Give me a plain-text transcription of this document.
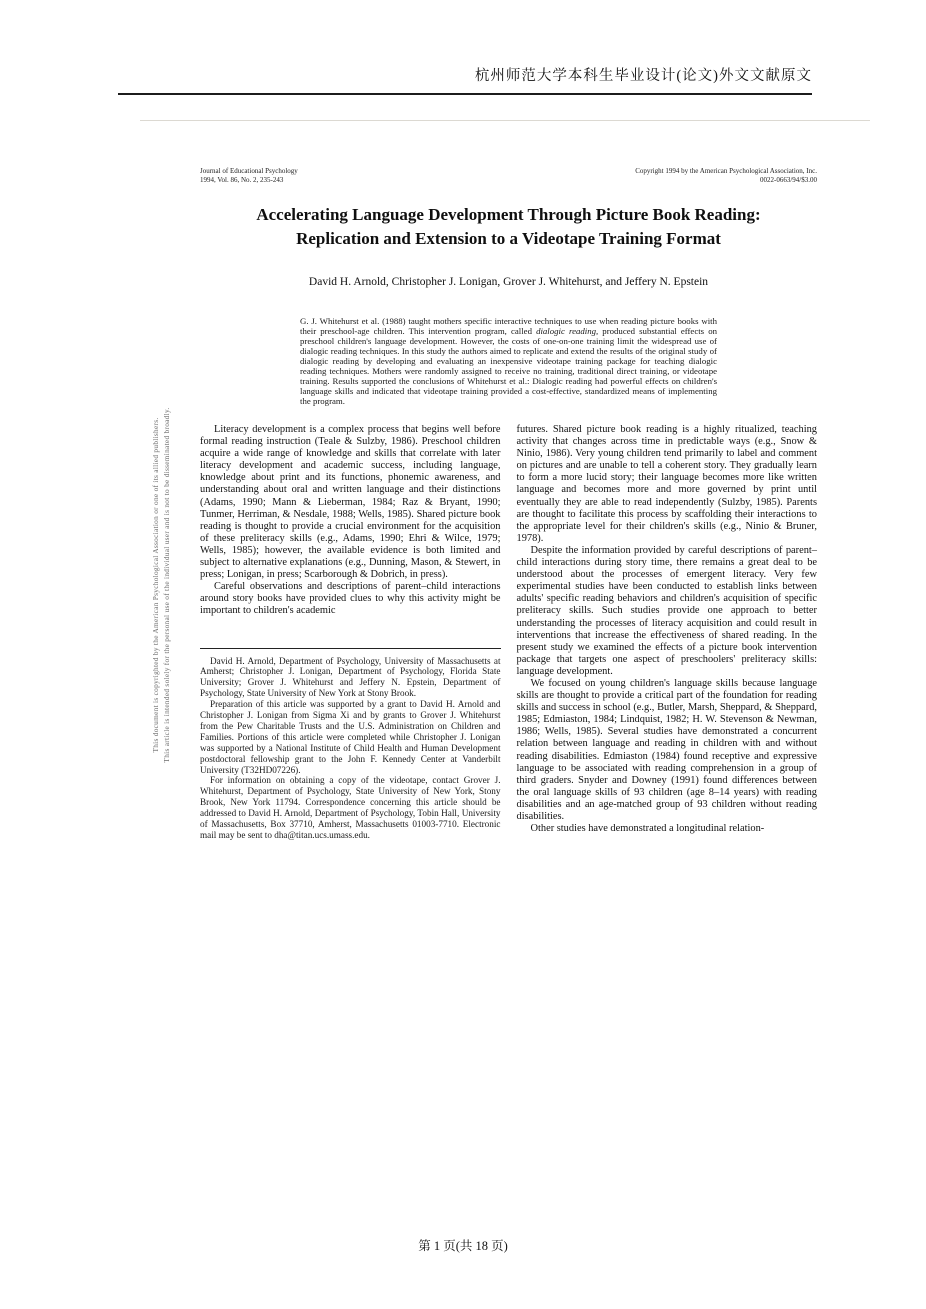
杭州师范大学本科生毕业设计(论文)外文文献原文
This document is copyrighted by the American Psychological Association or one of its allied publishers. This article is intended solely for the personal use of the individual user and is not to be disseminated broadly.
Journal of Educational Psychology
1994, Vol. 86, No. 2, 235-243
Copyright 1994 by the American Psychological Association, Inc.
0022-0663/94/$3.00
Accelerating Language Development Through Picture Book Reading:
Replication and Extension to a Videotape Training Format
David H. Arnold, Christopher J. Lonigan, Grover J. Whitehurst, and Jeffery N. Epstein
G. J. Whitehurst et al. (1988) taught mothers specific interactive techniques to use when reading picture books with their preschool-age children. This intervention program, called dialogic reading, produced substantial effects on preschool children's language development. However, the costs of one-on-one training limit the widespread use of dialogic reading techniques. In this study the authors aimed to replicate and extend the results of the original study of dialogic reading by developing and evaluating an inexpensive videotape training package for teaching dialogic reading techniques. Mothers were randomly assigned to receive no training, traditional direct training, or videotape training. Results supported the conclusions of Whitehurst et al.: Dialogic reading had powerful effects on children's language skills and indicated that videotape training provided a cost-effective, standardized means of implementing the program.

Literacy development is a complex process that begins well before formal reading instruction (Teale & Sulzby, 1986). Preschool children acquire a wide range of knowledge and skills that correlate with later literacy development and academic success, including language, knowledge about print and its functions, phonemic awareness, and understanding about oral and written language and their distinctions (Adams, 1990; Mann & Lieberman, 1984; Raz & Bryant, 1990; Tunmer, Herriman, & Nesdale, 1988; Wells, 1985). Shared picture book reading is thought to provide a crucial environment for the acquisition of these preliteracy skills (e.g., Adams, 1990; Ehri & Wilce, 1979; Wells, 1985); however, the available evidence is both limited and subject to alternative explanations (e.g., Dunning, Mason, & Stewert, in press; Lonigan, in press; Scarborough & Dobrich, in press).

Careful observations and descriptions of parent–child interactions around story books have provided clues to why this activity might be important to children's academic

David H. Arnold, Department of Psychology, University of Massachusetts at Amherst; Christopher J. Lonigan, Department of Psychology, Florida State University; Grover J. Whitehurst and Jeffery N. Epstein, Department of Psychology, State University of New York at Stony Brook.

Preparation of this article was supported by a grant to David H. Arnold and Christopher J. Lonigan from Sigma Xi and by grants to Grover J. Whitehurst from the Pew Charitable Trusts and the U.S. Administration on Children and Families. Portions of this article were completed while Christopher J. Lonigan was supported by a National Institute of Child Health and Human Development postdoctoral fellowship grant to the John F. Kennedy Center at Vanderbilt University (T32HD07226).

For information on obtaining a copy of the videotape, contact Grover J. Whitehurst, Department of Psychology, State University of New York, Stony Brook, New York 11794. Correspondence concerning this article should be addressed to David H. Arnold, Department of Psychology, Tobin Hall, University of Massachusetts, Box 37710, Amherst, Massachusetts 01003-7710. Electronic mail may be sent to dha@titan.ucs.umass.edu.

futures. Shared picture book reading is a highly ritualized, teaching activity that changes across time in predictable ways (e.g., Snow & Ninio, 1986). Very young children tend primarily to label and comment on pictures and are unable to tell a coherent story. They gradually learn to form a more lucid story; their language becomes more like written language and becomes more and more governed by print until eventually they are able to read independently (Sulzby, 1985). Parents are thought to facilitate this process by scaffolding their interactions to the appropriate level for their children's skills (e.g., Ninio & Bruner, 1978).

Despite the information provided by careful descriptions of parent–child interactions during story time, there remains a great deal to be understood about the processes of emergent literacy. Very few experimental studies have been conducted to establish links between adults' specific reading behaviors and children's acquisition of specific preliteracy skills. Such studies provide one approach to better understanding the processes of literacy acquisition and could result in interventions that increase the effectiveness of shared reading. In the present study we examined the effects of a picture book intervention package that targets one aspect of preschoolers' preliteracy skills: language development.

We focused on young children's language skills because language skills are thought to provide a critical part of the foundation for reading skills and success in school (e.g., Butler, Marsh, Sheppard, & Sheppard, 1985; Edmiaston, 1984; Lindquist, 1982; H. W. Stevenson & Newman, 1986; Wells, 1985). Several studies have demonstrated a concurrent relation between language and reading in children with and without reading disabilities. Edmiaston (1984) found receptive and expressive language to be associated with reading comprehension in a group of third graders. Snyder and Downey (1991) found differences between the oral language skills of 93 children (age 8–14 years) with reading disabilities and an age-matched group of 93 children without reading disabilities.

Other studies have demonstrated a longitudinal relation-

第 1 页(共 18 页)
